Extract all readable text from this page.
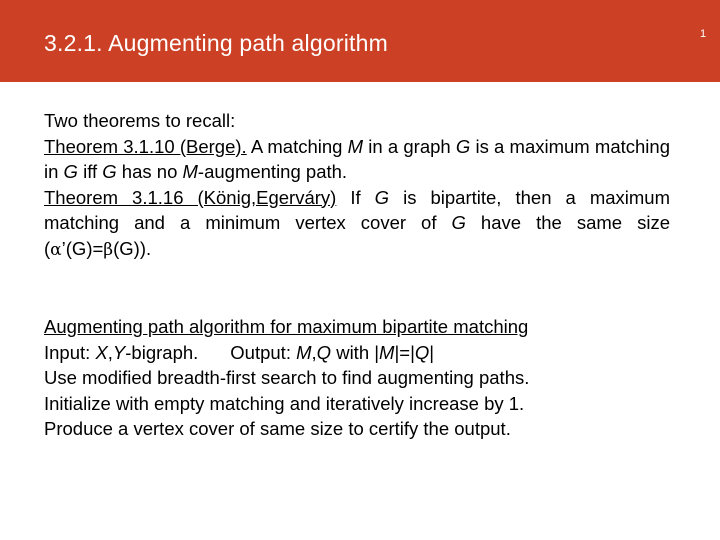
3.2.1. Augmenting path algorithm	1

Two theorems to recall:

Theorem 3.1.10 (Berge). A matching M in a graph G is a maximum matching in G iff G has no M-augmenting path.

Theorem 3.1.16 (König,Egerváry) If G is bipartite, then a maximum matching and a minimum vertex cover of G have the same size (α’(G)=β(G)).

Augmenting path algorithm for maximum bipartite matching

Input: X,Y-bigraph. Output: M,Q with |M|=|Q|

Use modified breadth-first search to find augmenting paths.

Initialize with empty matching and iteratively increase by 1.

Produce a vertex cover of same size to certify the output.
